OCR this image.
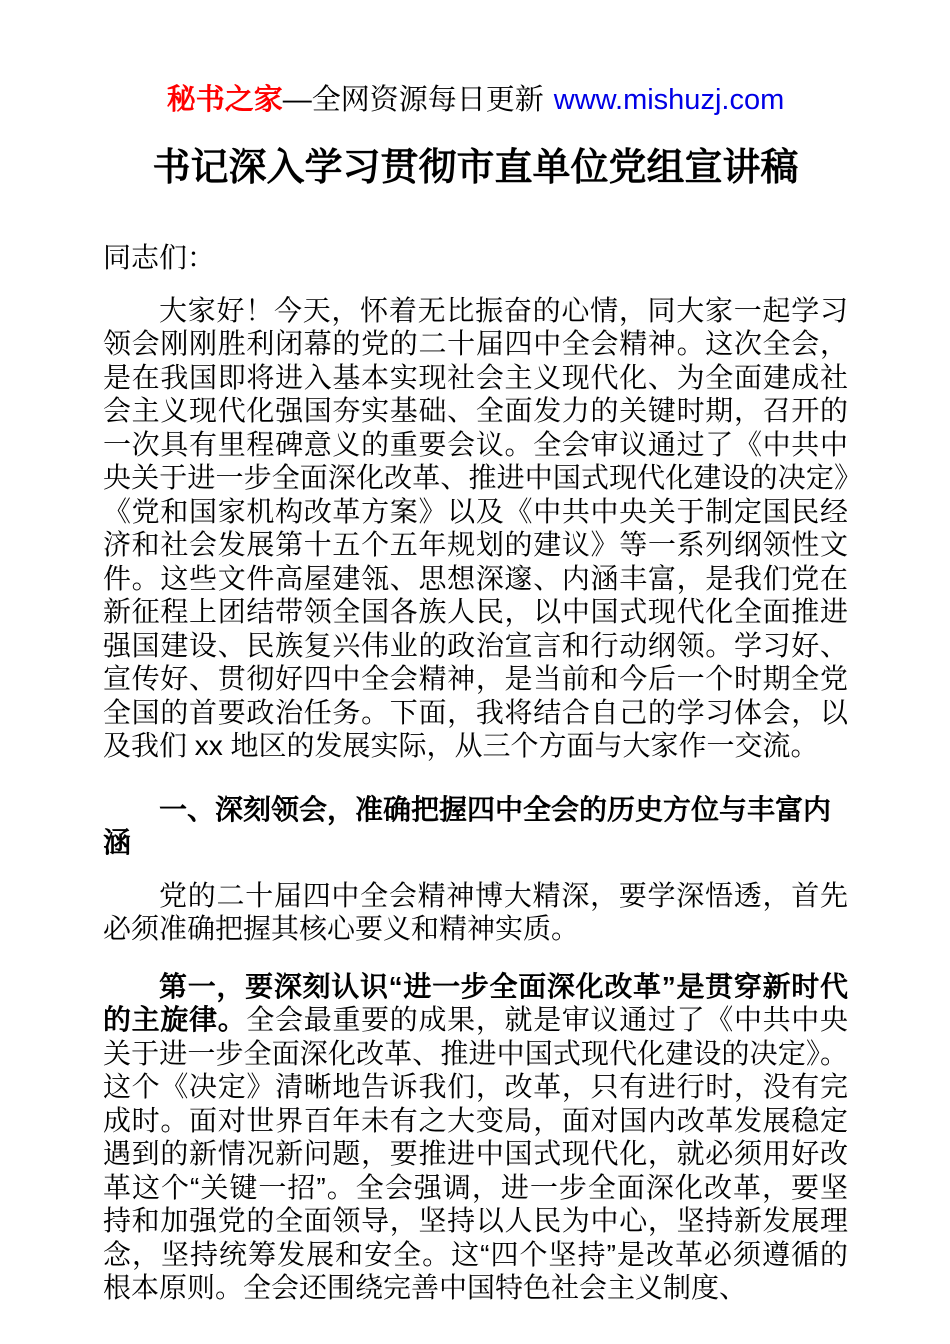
秘书之家—全网资源每日更新 www.mishuzj.com
书记深入学习贯彻市直单位党组宣讲稿

同志们：

大家好！今天，怀着无比振奋的心情，同大家一起学习领会刚刚胜利闭幕的党的二十届四中全会精神。这次全会，是在我国即将进入基本实现社会主义现代化、为全面建成社会主义现代化强国夯实基础、全面发力的关键时期，召开的一次具有里程碑意义的重要会议。全会审议通过了《中共中央关于进一步全面深化改革、推进中国式现代化建设的决定》《党和国家机构改革方案》以及《中共中央关于制定国民经济和社会发展第十五个五年规划的建议》等一系列纲领性文件。这些文件高屋建瓴、思想深邃、内涵丰富，是我们党在新征程上团结带领全国各族人民，以中国式现代化全面推进强国建设、民族复兴伟业的政治宣言和行动纲领。学习好、宣传好、贯彻好四中全会精神，是当前和今后一个时期全党全国的首要政治任务。下面，我将结合自己的学习体会，以及我们 xx 地区的发展实际，从三个方面与大家作一交流。

一、深刻领会，准确把握四中全会的历史方位与丰富内涵

党的二十届四中全会精神博大精深，要学深悟透，首先必须准确把握其核心要义和精神实质。

第一，要深刻认识“进一步全面深化改革”是贯穿新时代的主旋律。全会最重要的成果，就是审议通过了《中共中央关于进一步全面深化改革、推进中国式现代化建设的决定》。这个《决定》清晰地告诉我们，改革，只有进行时，没有完成时。面对世界百年未有之大变局，面对国内改革发展稳定遇到的新情况新问题，要推进中国式现代化，就必须用好改革这个“关键一招”。全会强调，进一步全面深化改革，要坚持和加强党的全面领导，坚持以人民为中心，坚持新发展理念，坚持统筹发展和安全。这“四个坚持”是改革必须遵循的根本原则。全会还围绕完善中国特色社会主义制度、
